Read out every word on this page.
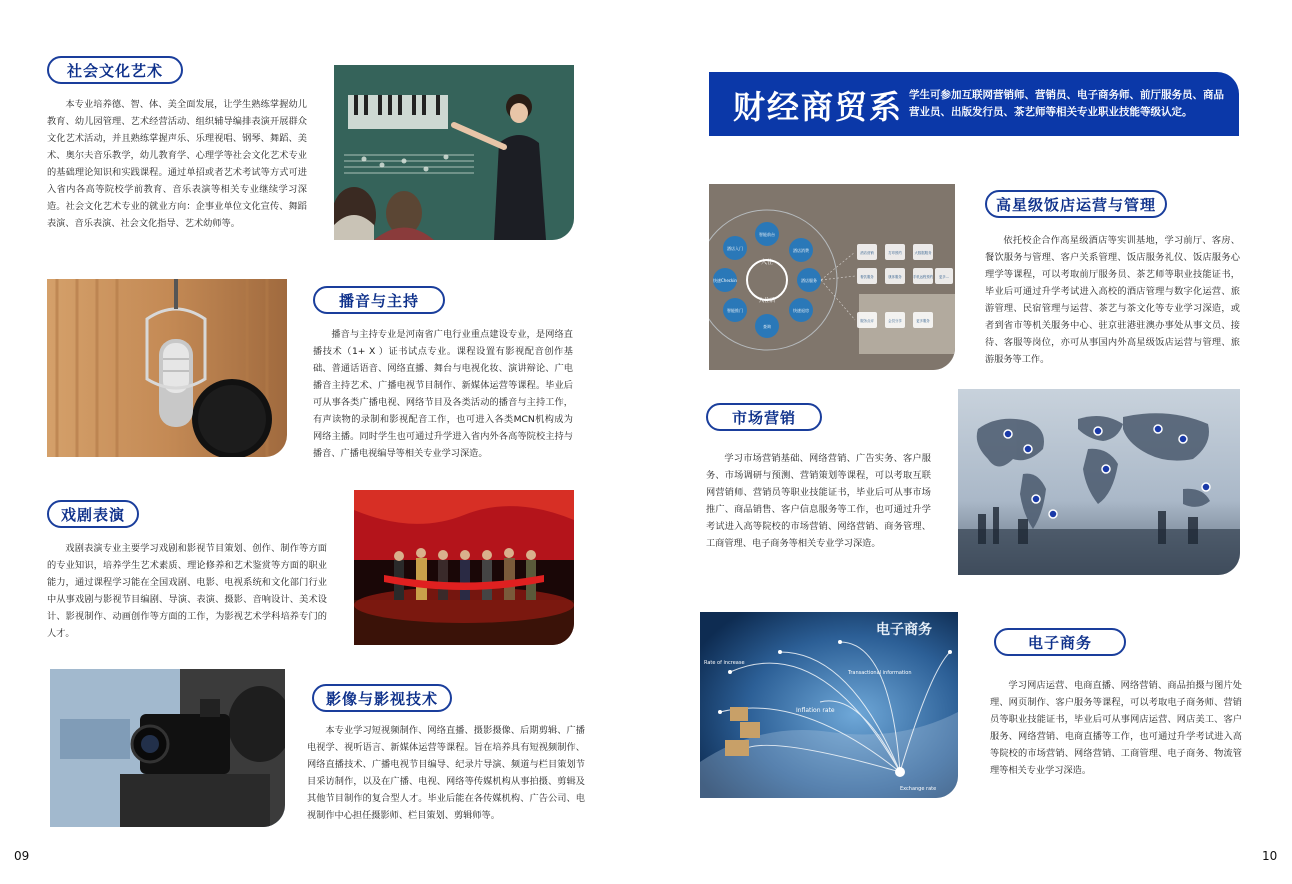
社会文化艺术

本专业培养德、智、体、美全面发展，让学生熟练掌握幼儿教育、幼儿园管理、艺术经营活动、组织辅导编排表演开展群众文化艺术活动，并且熟练掌握声乐、乐理视唱、钢琴、舞蹈、美术、奥尔夫音乐教学，幼儿教育学、心理学等社会文化艺术专业的基础理论知识和实践课程。通过单招或者艺术考试等方式可进入省内各高等院校学前教育、音乐表演等相关专业继续学习深造。社会文化艺术专业的就业方向：企事业单位文化宣传、舞蹈表演、音乐表演、社会文化指导、艺术幼师等。

播音与主持

播音与主持专业是河南省广电行业重点建设专业，是网络直播技术（1+ X ）证书试点专业。课程设置有影视配音创作基础、普通话语音、网络直播、舞台与电视化妆、演讲辩论、广电播音主持艺术、广播电视节目制作、新媒体运营等课程。毕业后可从事各类广播电视、网络节目及各类活动的播音与主持工作，有声读物的录制和影视配音工作，也可进入各类MCN机构成为网络主播。同时学生也可通过升学进入省内外各高等院校主持与播音、广播电视编导等相关专业学习深造。

戏剧表演

戏剧表演专业主要学习戏剧和影视节目策划、创作、制作等方面的专业知识，培养学生艺术素质、理论修养和艺术鉴赏等方面的职业能力，通过课程学习能在全国戏剧、电影、电视系统和文化部门行业中从事戏剧与影视节目编剧、导演、表演、摄影、音响设计、美术设计、影视制作、动画创作等方面的工作，为影视艺术学科培养专门的人才。

影像与影视技术

本专业学习短视频制作、网络直播、摄影摄像、后期剪辑、广播电视学、视听语言、新媒体运营等课程。旨在培养具有短视频制作、网络直播技术、广播电视节目编导、纪录片导演、频道与栏目策划节目采访制作，以及在广播、电视、网络等传媒机构从事拍摄、剪辑及其他节目制作的复合型人才。毕业后能在各传媒机构、广告公司、电视制作中心担任摄影师、栏目策划、剪辑师等。

09
财经商贸系 学生可参加互联网营销师、营销员、电子商务师、前厅服务员、商品营业员、出版发行员、茶艺师等相关专业职业技能等级认定。
入住
入住后
智能前台
酒店入门
快速Checkin
智能推门
查询
快速退房
酒店服务
酒店消费	酒店营销	打印预约	大数据服务
餐饮服务	康体服务	手机远程预约 更多...
服务点评	会员分享	更多服务
高星级饭店运营与管理

依托校企合作高星级酒店等实训基地，学习前厅、客房、餐饮服务与管理、客户关系管理、饭店服务礼仪、饭店服务心理学等课程，可以考取前厅服务员、茶艺师等职业技能证书，毕业后可通过升学考试进入高校的酒店管理与数字化运营、旅游管理、民宿管理与运营、茶艺与茶文化等专业学习深造，或者到省市等机关服务中心、驻京驻港驻澳办事处从事文员、接待、客服等岗位，亦可从事国内外高星级饭店运营与管理、旅游服务等工作。

市场营销

学习市场营销基础、网络营销、广告实务、客户服务、市场调研与预测、营销策划等课程，可以考取互联网营销师、营销员等职业技能证书，毕业后可从事市场推广、商品销售、客户信息服务等工作，也可通过升学考试进入高等院校的市场营销、网络营销、商务管理、工商管理、电子商务等相关专业学习深造。

电子商务
Rate of increase
Transactional information
Inflation rate
Exchange rate
电子商务

学习网店运营、电商直播、网络营销、商品拍摄与图片处理、网页制作、客户服务等课程，可以考取电子商务师、营销员等职业技能证书，毕业后可从事网店运营、网店美工、客户服务、网络营销、电商直播等工作，也可通过升学考试进入高等院校的市场营销、网络营销、工商管理、电子商务、物流管理等相关专业学习深造。

10
